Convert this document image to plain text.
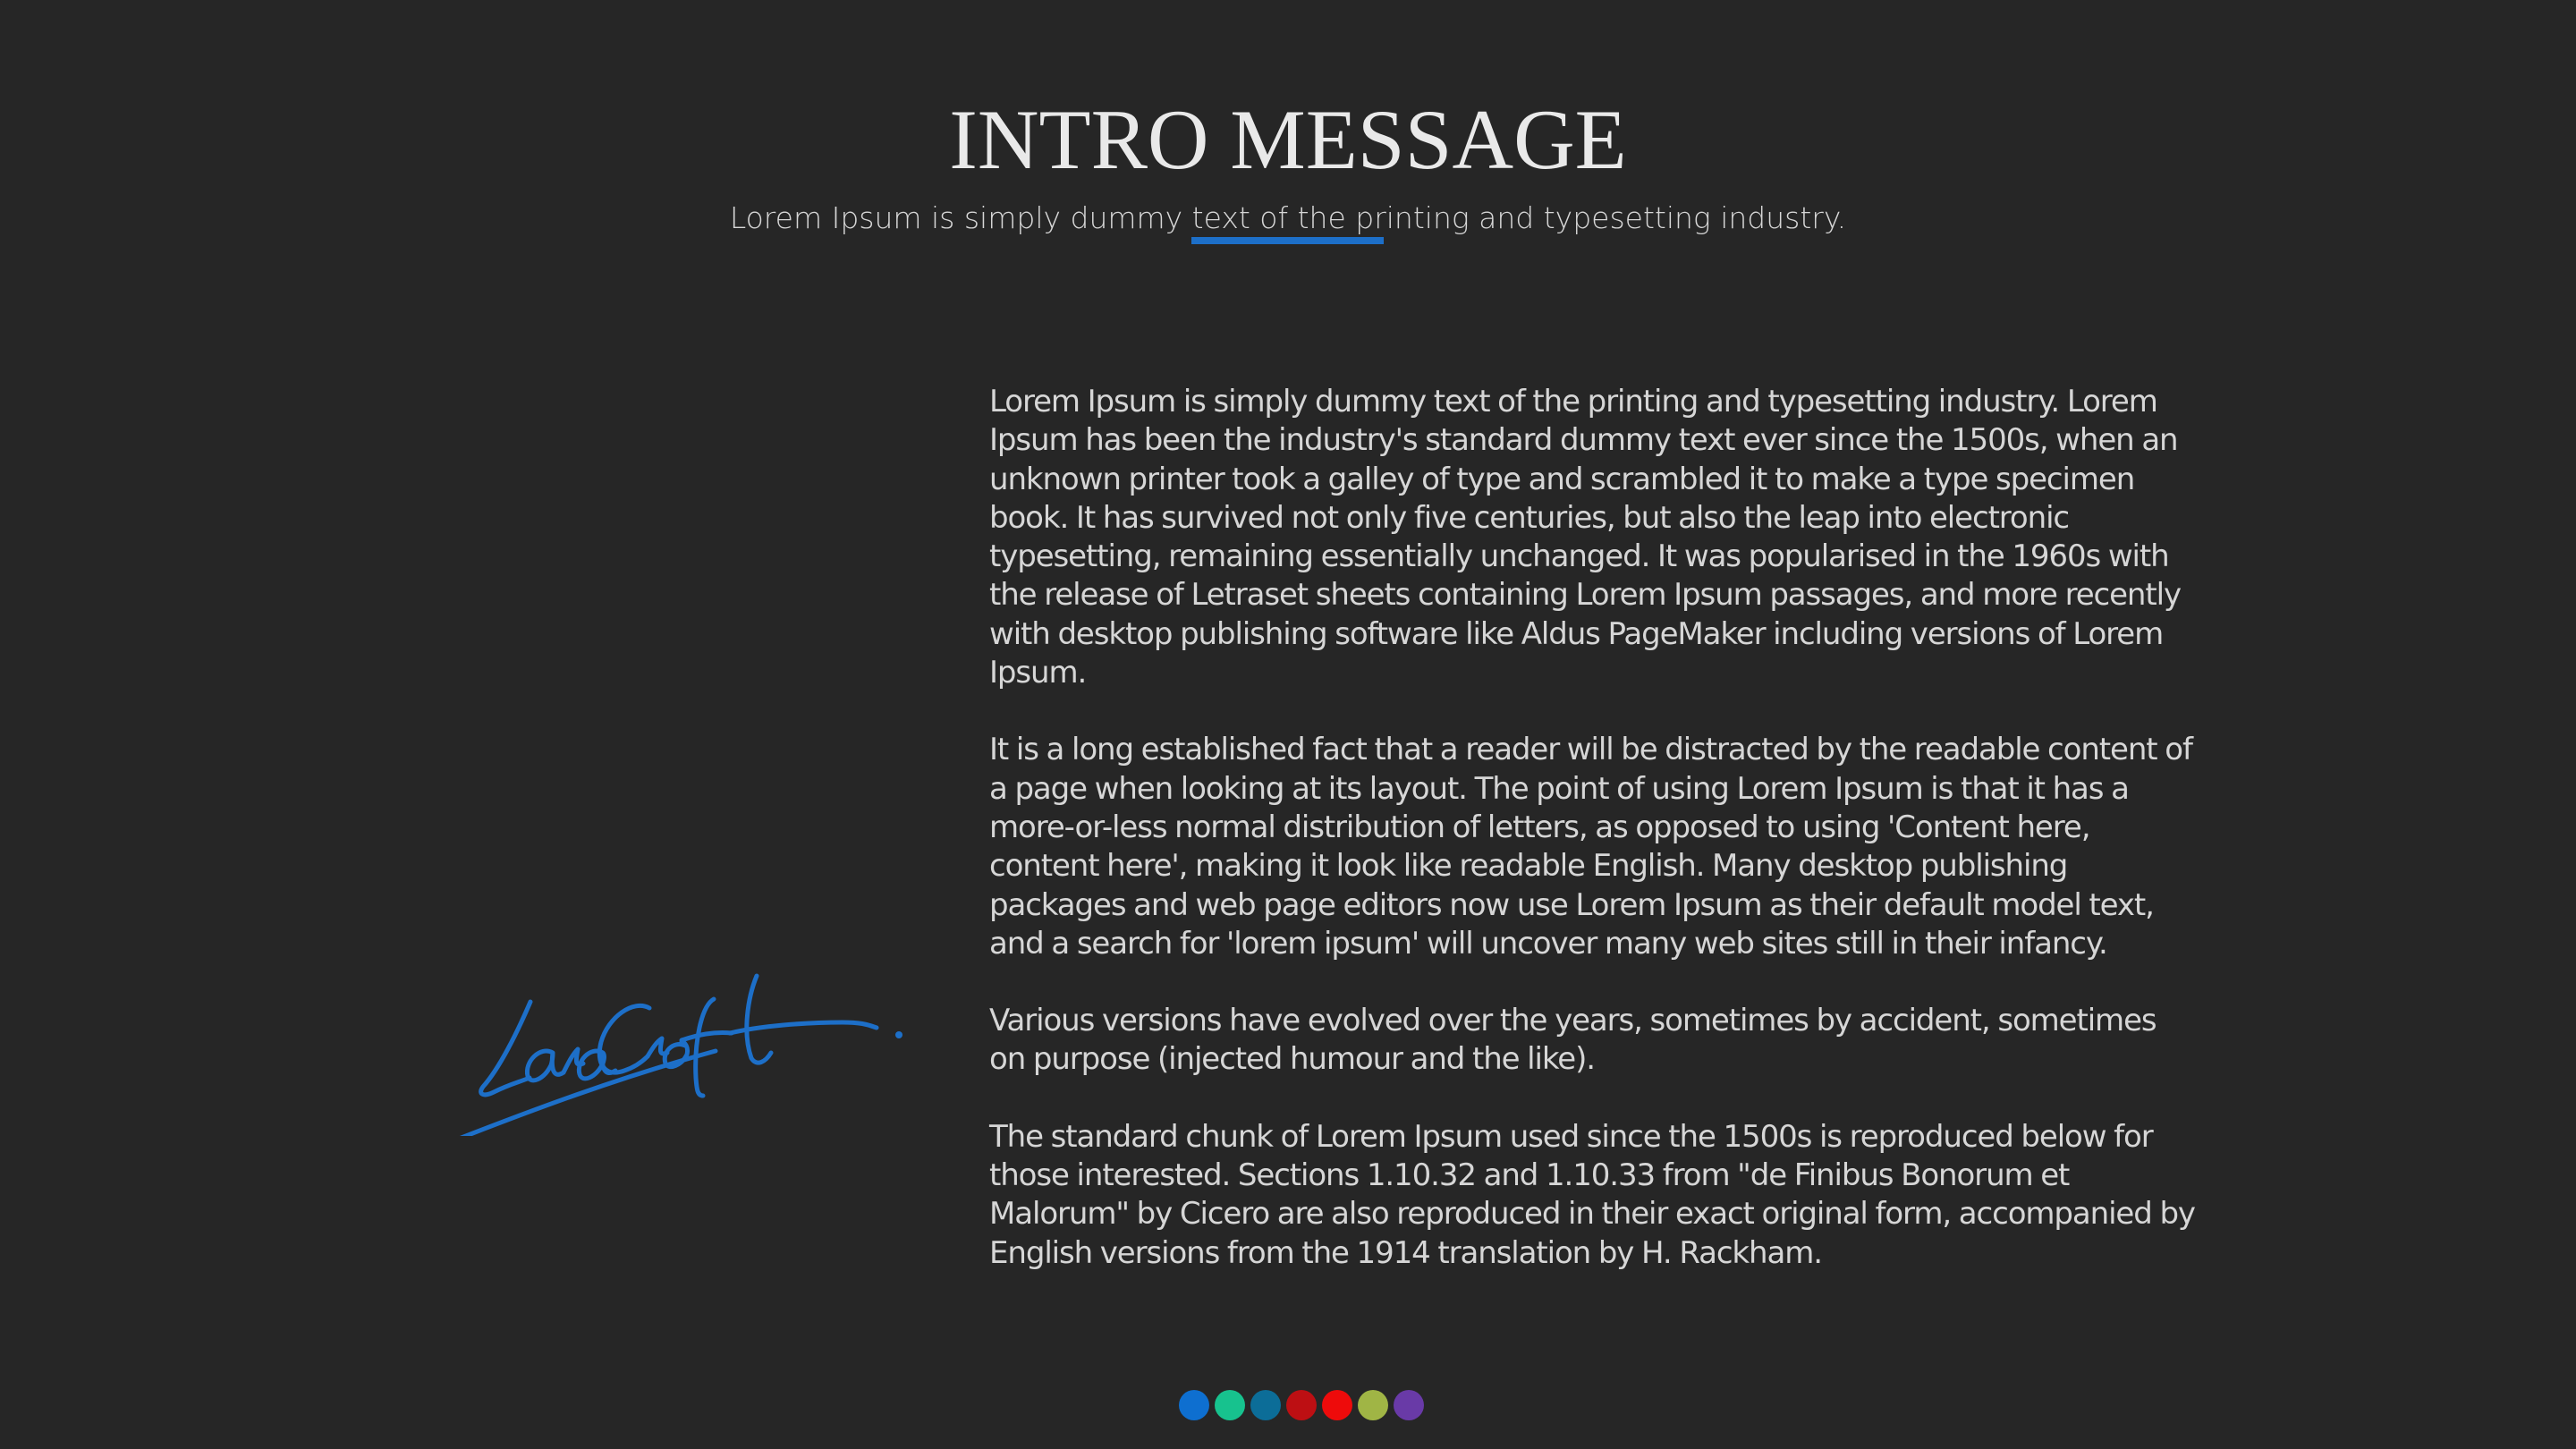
INTRO MESSAGE

Lorem Ipsum is simply dummy text of the printing and typesetting industry.

Lorem Ipsum is simply dummy text of the printing and typesetting industry. Lorem Ipsum has been the industry's standard dummy text ever since the 1500s, when an unknown printer took a galley of type and scrambled it to make a type specimen book. It has survived not only five centuries, but also the leap into electronic typesetting, remaining essentially unchanged. It was popularised in the 1960s with the release of Letraset sheets containing Lorem Ipsum passages, and more recently with desktop publishing software like Aldus PageMaker including versions of Lorem Ipsum.

It is a long established fact that a reader will be distracted by the readable content of a page when looking at its layout. The point of using Lorem Ipsum is that it has a more-or-less normal distribution of letters, as opposed to using 'Content here, content here', making it look like readable English. Many desktop publishing packages and web page editors now use Lorem Ipsum as their default model text, and a search for 'lorem ipsum' will uncover many web sites still in their infancy.

Various versions have evolved over the years, sometimes by accident, sometimes on purpose (injected humour and the like).

The standard chunk of Lorem Ipsum used since the 1500s is reproduced below for those interested. Sections 1.10.32 and 1.10.33 from "de Finibus Bonorum et Malorum" by Cicero are also reproduced in their exact original form, accompanied by English versions from the 1914 translation by H. Rackham.
